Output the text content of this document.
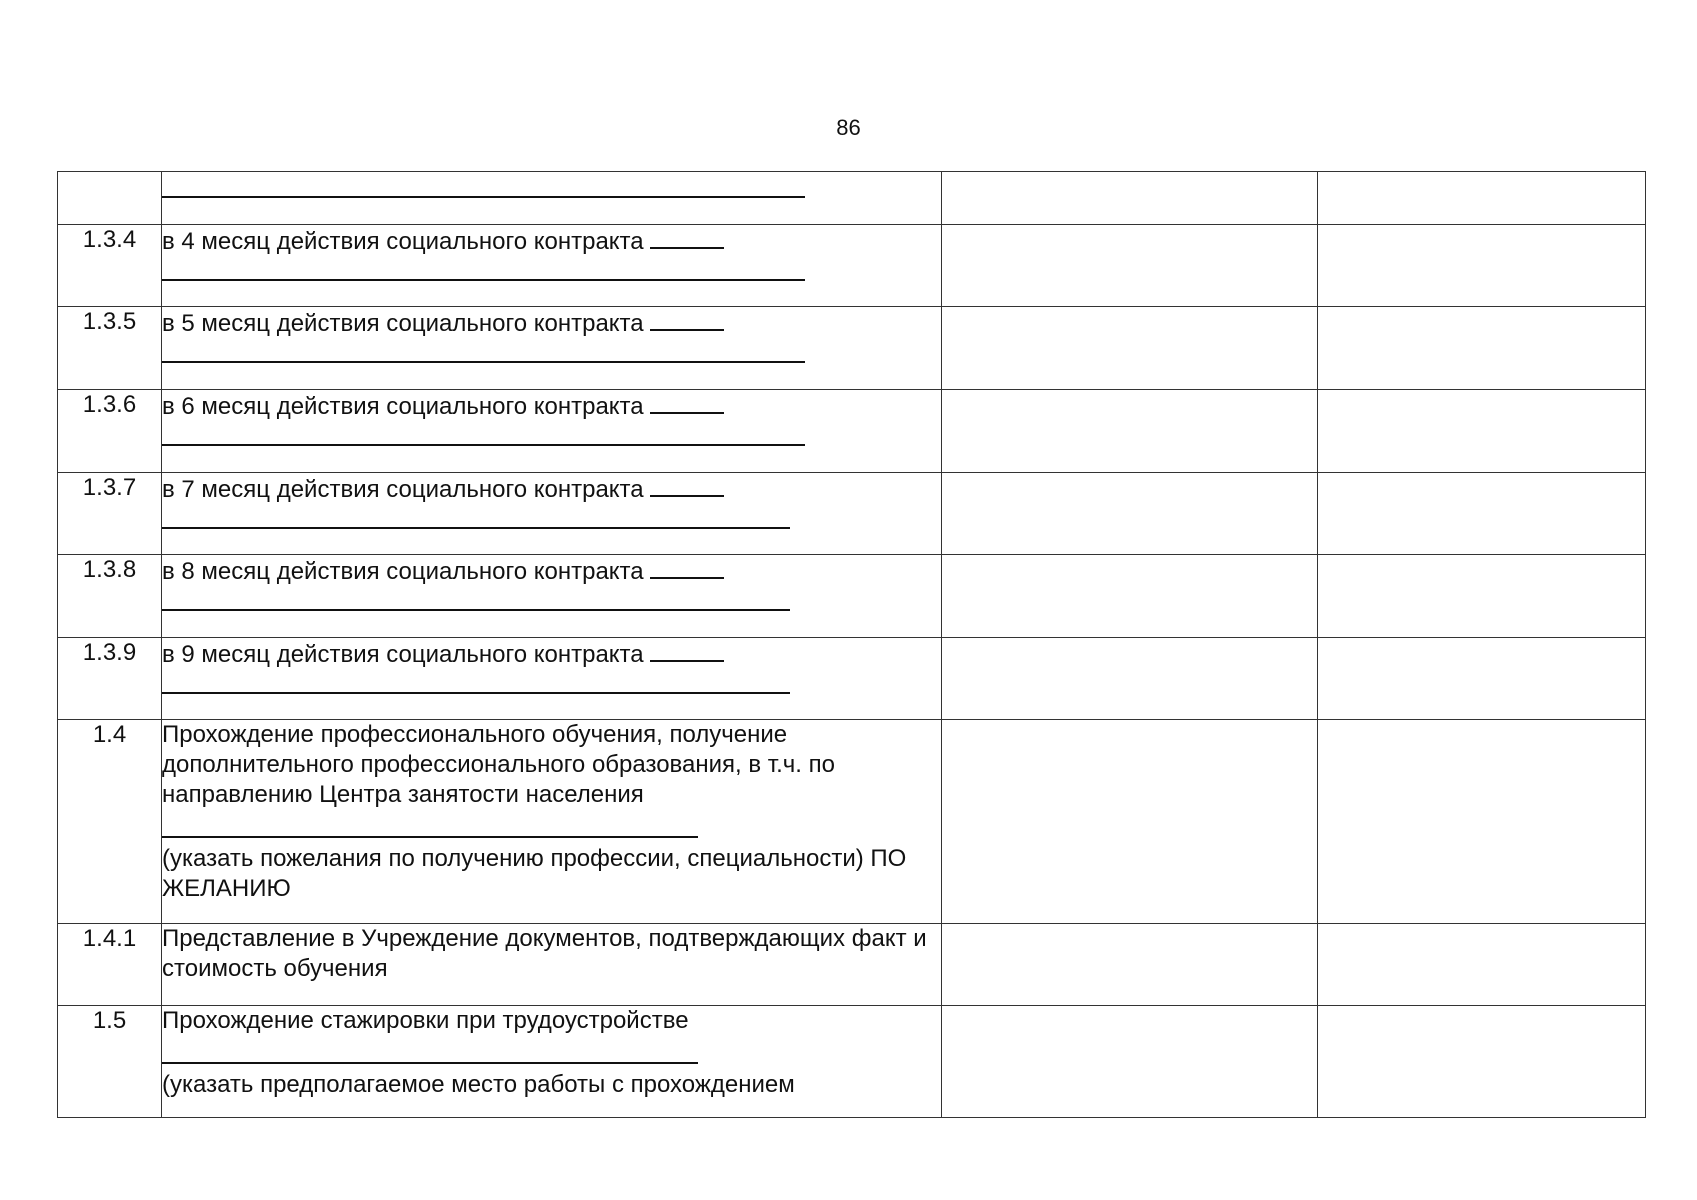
86

1.3.4	в 4 месяц действия социального контракта

1.3.5	в 5 месяц действия социального контракта

1.3.6	в 6 месяц действия социального контракта

1.3.7	в 7 месяц действия социального контракта

1.3.8	в 8 месяц действия социального контракта

1.3.9	в 9 месяц действия социального контракта

1.4	Прохождение профессионального обучения, получение дополнительного профессионального образования, в т.ч. по направлению Центра занятости населения
(указать пожелания по получению профессии, специальности) ПО ЖЕЛАНИЮ		

1.4.1	Представление в Учреждение документов, подтверждающих факт и стоимость обучения		

1.5	Прохождение стажировки при трудоустройстве
(указать предполагаемое место работы с прохождением		
